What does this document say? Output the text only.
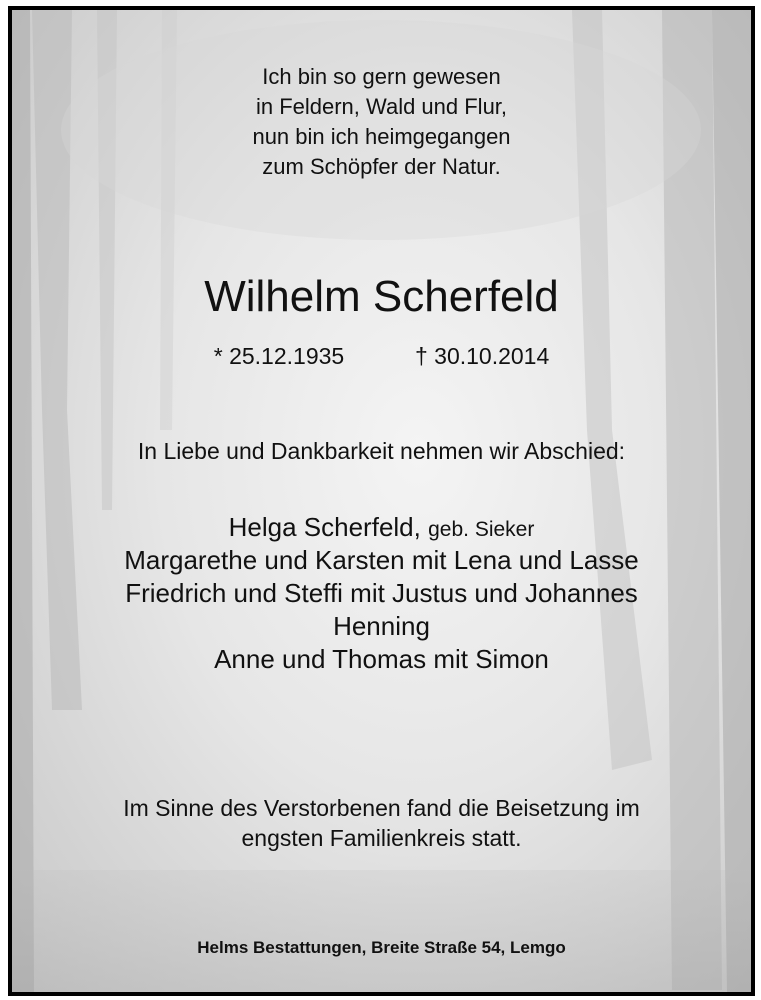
Ich bin so gern gewesen
in Feldern, Wald und Flur,
nun bin ich heimgegangen
zum Schöpfer der Natur.
Wilhelm Scherfeld
* 25.12.1935	† 30.10.2014
In Liebe und Dankbarkeit nehmen wir Abschied:
Helga Scherfeld, geb. Sieker
Margarethe und Karsten mit Lena und Lasse
Friedrich und Steffi mit Justus und Johannes
Henning
Anne und Thomas mit Simon
Im Sinne des Verstorbenen fand die Beisetzung im
engsten Familienkreis statt.
Helms Bestattungen, Breite Straße 54, Lemgo
